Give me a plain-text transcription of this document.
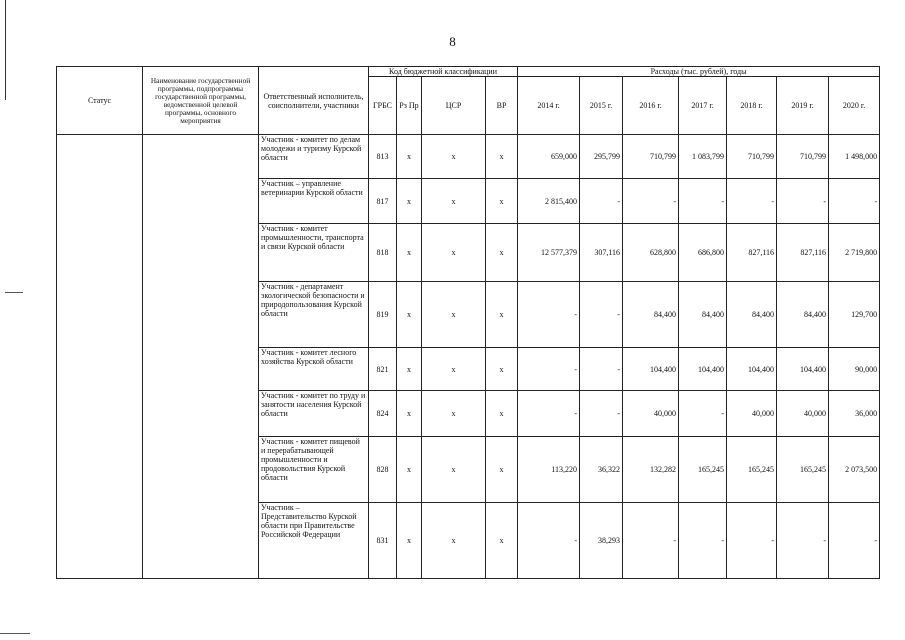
8
Статус	Наименование государственной программы, подпрограммы государственной программы, ведомственной целевой программы, основного мероприятия	Ответственный исполнитель, соисполнители, участники	Код бюджетной классификации				Расходы (тыс. рублей), годы						
			ГРБС	Рз Пр	ЦСР	ВР	2014 г.	2015 г.	2016 г.	2017 г.	2018 г.	2019 г.	2020 г.
		Участник - комитет по делам молодежи и туризму Курской области	813	x	x	x	659,000	295,799	710,799	1 083,799	710,799	710,799	1 498,000
		Участник – управление ветеринарии Курской области	817	x	x	x	2 815,400	-	-	-	-	-	-
		Участник - комитет промышленности, транспорта и связи Курской области	818	x	x	x	12 577,379	307,116	628,800	686,800	827,116	827,116	2 719,800
		Участник - департамент экологической безопасности и природопользования Курской области	819	x	x	x	-	-	84,400	84,400	84,400	84,400	129,700
		Участник - комитет лесного хозяйства Курской области	821	x	x	x	-	-	104,400	104,400	104,400	104,400	90,000
		Участник - комитет по труду и занятости населения Курской области	824	x	x	x	-	-	40,000	-	40,000	40,000	36,000
		Участник - комитет пищевой и перерабатывающей промышленности и продовольствия Курской области	828	x	x	x	113,220	36,322	132,282	165,245	165,245	165,245	2 073,500
		Участник – Представительство Курской области при Правительстве Российской Федерации	831	x	x	x	-	38,293	-	-	-	-	-
